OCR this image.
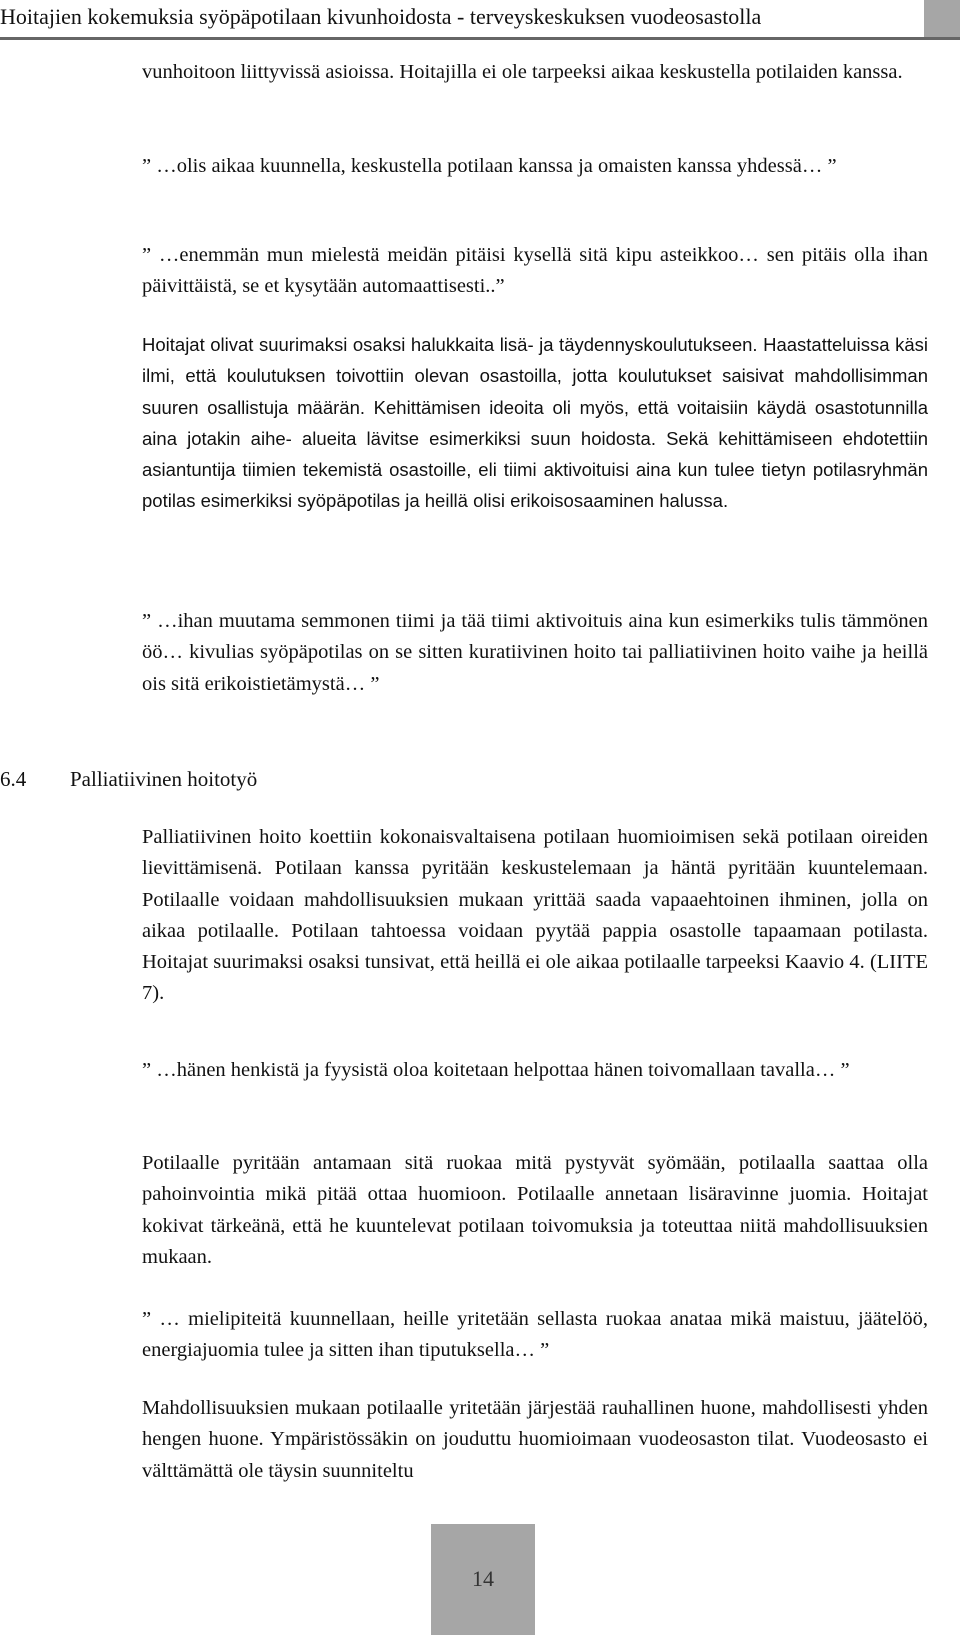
Hoitajien kokemuksia syöpäpotilaan kivunhoidosta - terveyskeskuksen vuodeosastolla

vunhoitoon liittyvissä asioissa. Hoitajilla ei ole tarpeeksi aikaa keskustella potilaiden kanssa.

” …olis aikaa kuunnella, keskustella potilaan kanssa ja omaisten kanssa yhdessä… ”

” …enemmän mun mielestä meidän pitäisi kysellä sitä kipu asteikkoo… sen pitäis olla ihan päivittäistä, se et kysytään automaattisesti..”

Hoitajat olivat suurimaksi osaksi halukkaita lisä- ja täydennyskoulutukseen. Haastatteluissa käsi ilmi, että koulutuksen toivottiin olevan osastoilla, jotta koulutukset saisivat mahdollisimman suuren osallistuja määrän. Kehittämisen ideoita oli myös, että voitaisiin käydä osastotunnilla aina jotakin aihe- alueita lävitse esimerkiksi suun hoidosta. Sekä kehittämiseen ehdotettiin asiantuntija tiimien tekemistä osastoille, eli tiimi aktivoituisi aina kun tulee tietyn potilasryhmän potilas esimerkiksi syöpäpotilas ja heillä olisi erikoisosaaminen halussa.

” …ihan muutama semmonen tiimi ja tää tiimi aktivoituis aina kun esimerkiks tulis tämmönen öö… kivulias syöpäpotilas on se sitten kuratiivinen hoito tai palliatiivinen hoito vaihe ja heillä ois sitä erikoistietämystä… ”

6.4 Palliatiivinen hoitotyö

Palliatiivinen hoito koettiin kokonaisvaltaisena potilaan huomioimisen sekä potilaan oireiden lievittämisenä. Potilaan kanssa pyritään keskustelemaan ja häntä pyritään kuuntelemaan. Potilaalle voidaan mahdollisuuksien mukaan yrittää saada vapaaehtoinen ihminen, jolla on aikaa potilaalle. Potilaan tahtoessa voidaan pyytää pappia osastolle tapaamaan potilasta. Hoitajat suurimaksi osaksi tunsivat, että heillä ei ole aikaa potilaalle tarpeeksi Kaavio 4. (LIITE 7).

” …hänen henkistä ja fyysistä oloa koitetaan helpottaa hänen toivomallaan tavalla… ”

Potilaalle pyritään antamaan sitä ruokaa mitä pystyvät syömään, potilaalla saattaa olla pahoinvointia mikä pitää ottaa huomioon. Potilaalle annetaan lisäravinne juomia. Hoitajat kokivat tärkeänä, että he kuuntelevat potilaan toivomuksia ja toteuttaa niitä mahdollisuuksien mukaan.

” … mielipiteitä kuunnellaan, heille yritetään sellasta ruokaa anataa mikä maistuu, jäätelöö, energiajuomia tulee ja sitten ihan tiputuksella… ”

Mahdollisuuksien mukaan potilaalle yritetään järjestää rauhallinen huone, mahdollisesti yhden hengen huone. Ympäristössäkin on jouduttu huomioimaan vuodeosaston tilat. Vuodeosasto ei välttämättä ole täysin suunniteltu

14
